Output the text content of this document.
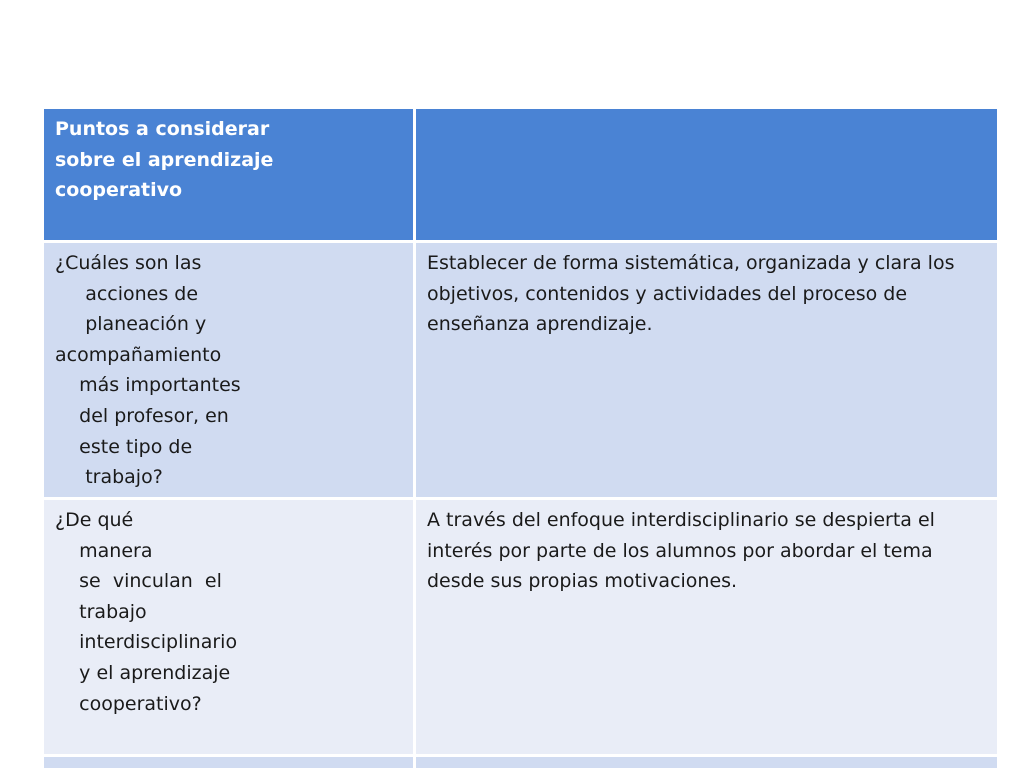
Puntos a considerar
sobre el aprendizaje
cooperativo
¿Cuáles son las
acciones de
planeación y
acompañamiento
más importantes
del profesor, en
este tipo de
trabajo?
Establecer de forma sistemática, organizada y clara los objetivos, contenidos y actividades del proceso de enseñanza aprendizaje.
¿De qué
manera
se  vinculan  el
trabajo
interdisciplinario
y el aprendizaje
cooperativo?
A través del enfoque interdisciplinario se despierta el interés por parte de los alumnos por abordar el tema desde sus propias motivaciones.
